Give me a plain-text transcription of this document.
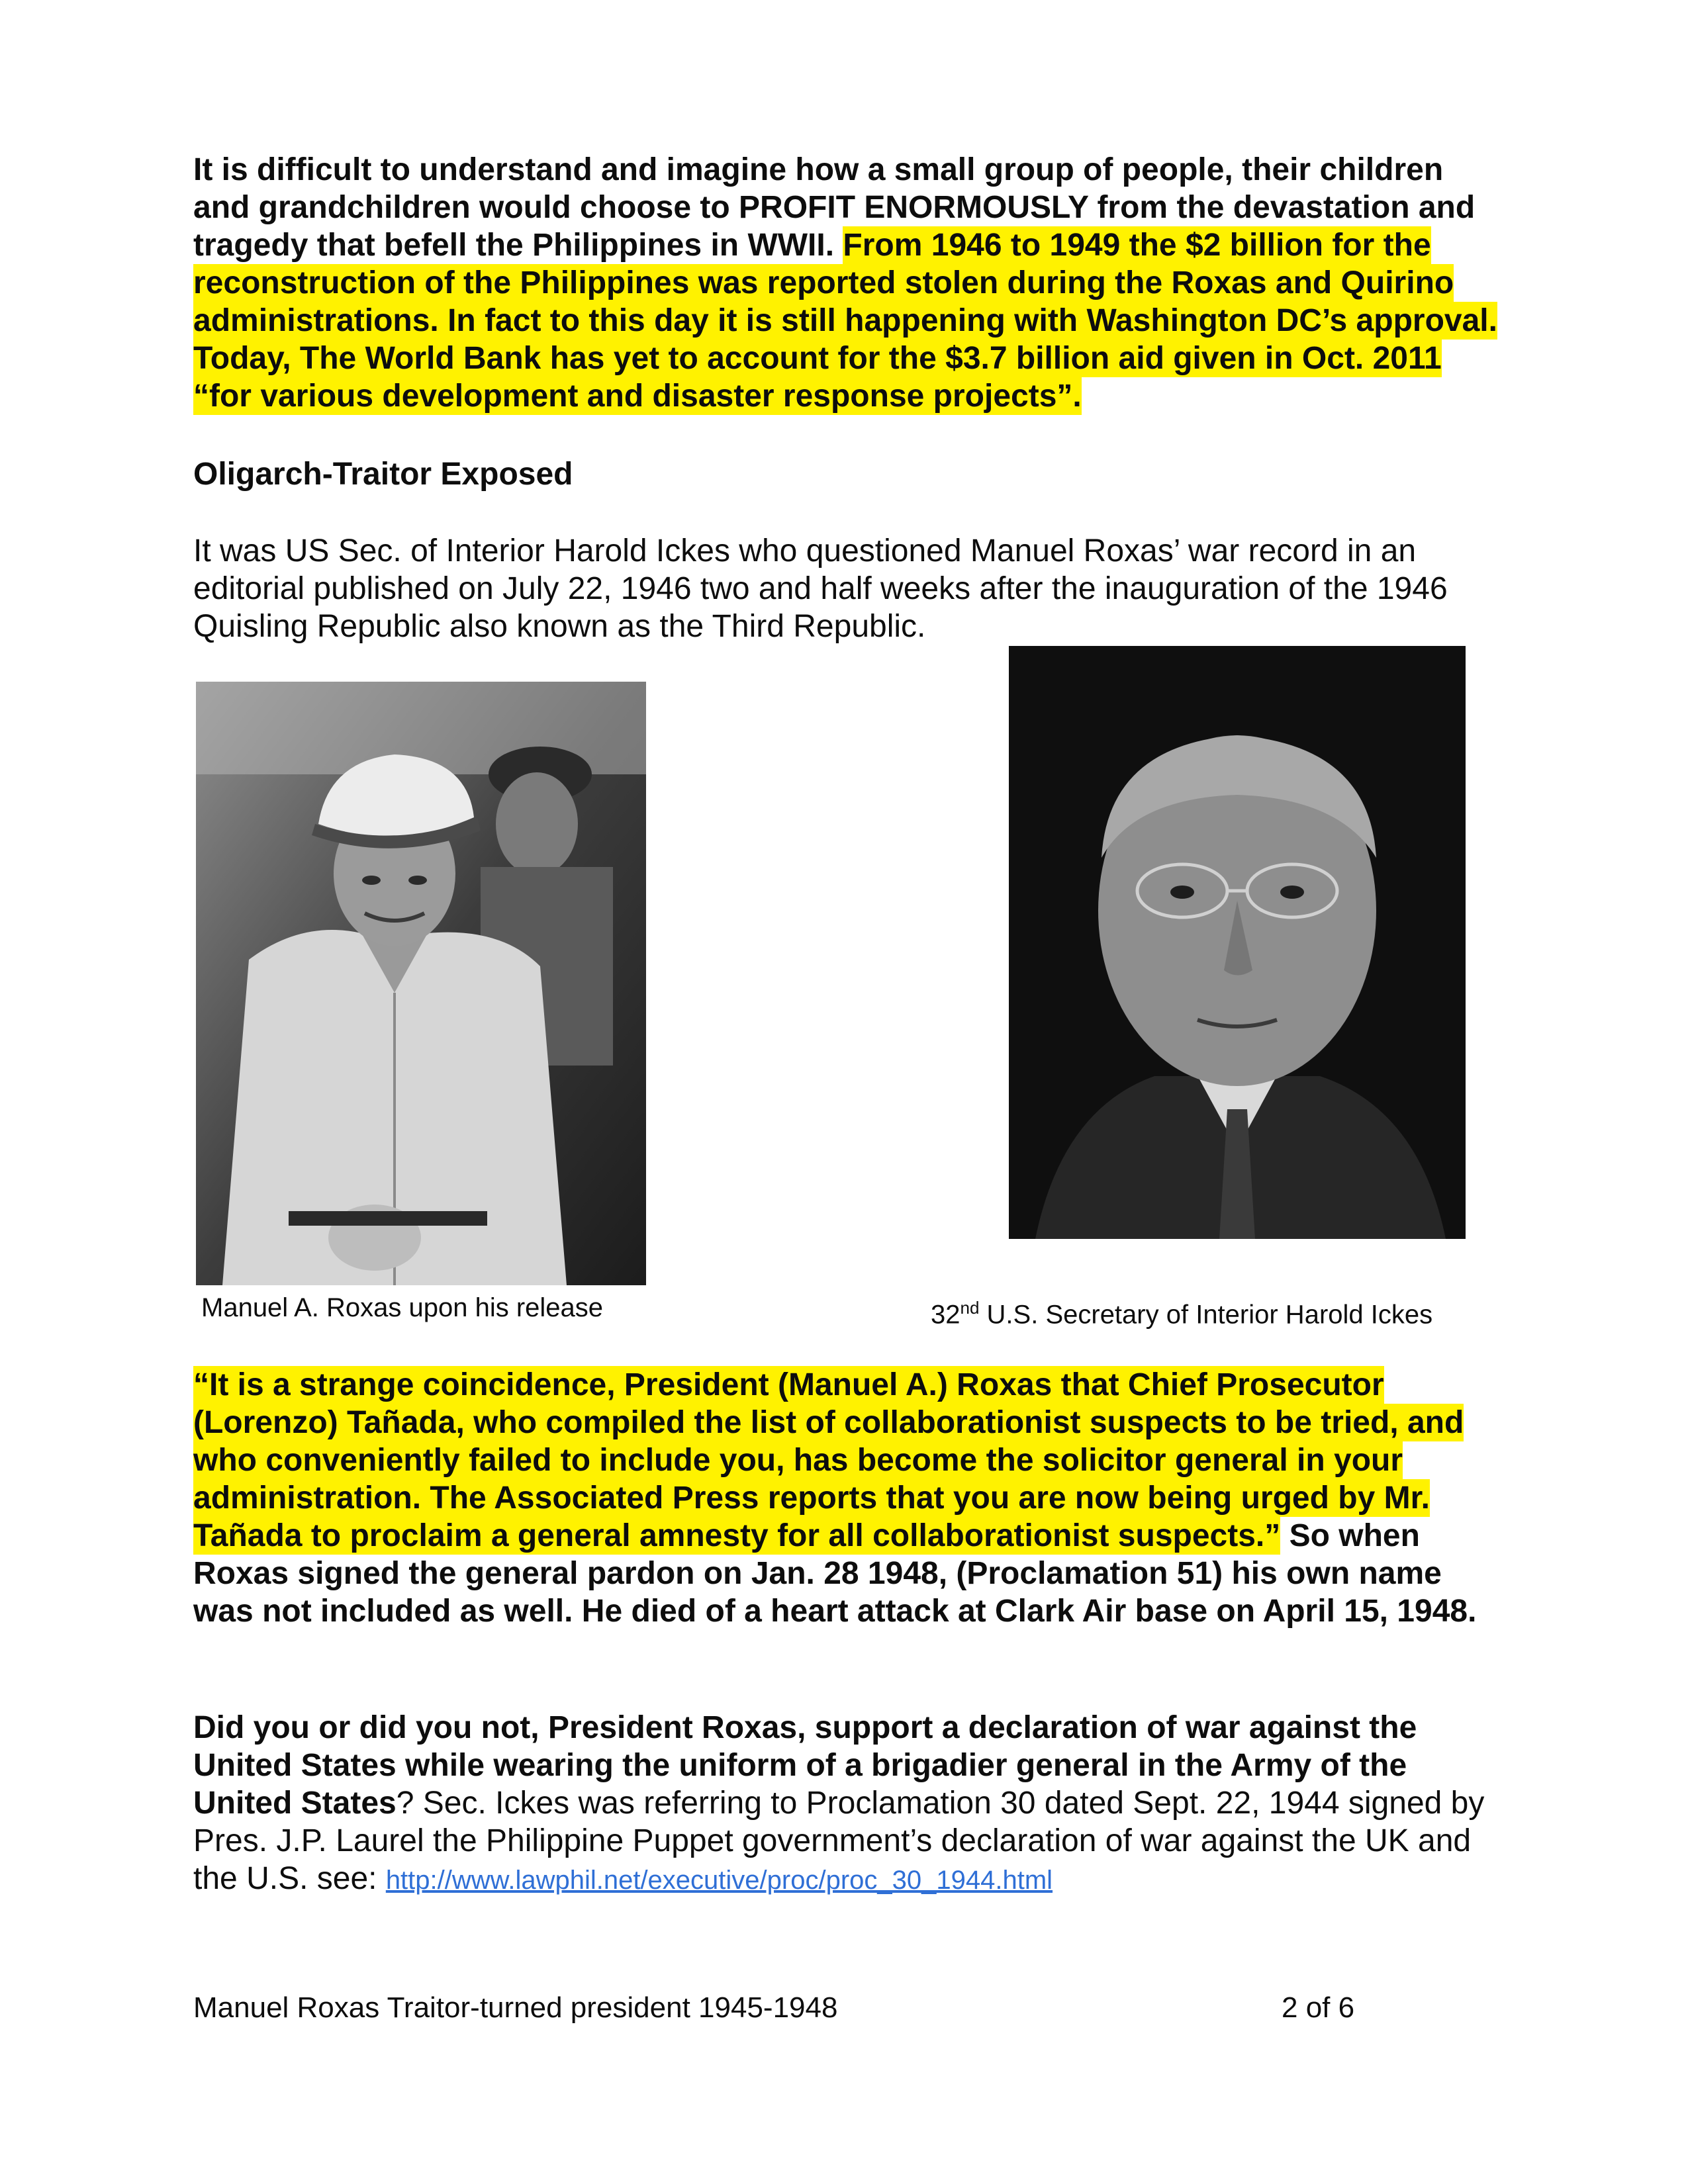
It is difficult to understand and imagine how a small group of people, their children and grandchildren would choose to PROFIT ENORMOUSLY from the devastation and tragedy that befell the Philippines in WWII. From 1946 to 1949 the $2 billion for the reconstruction of the Philippines was reported stolen during the Roxas and Quirino administrations. In fact to this day it is still happening with Washington DC’s approval. Today, The World Bank has yet to account for the $3.7 billion aid given in Oct. 2011 “for various development and disaster response projects”.

Oligarch-Traitor Exposed

It was US Sec. of Interior Harold Ickes who questioned Manuel Roxas’ war record in an editorial published on July 22, 1946 two and half weeks after the inauguration of the 1946 Quisling Republic also known as the Third Republic.

Manuel A. Roxas upon his release	32nd U.S. Secretary of Interior Harold Ickes

“It is a strange coincidence, President (Manuel A.) Roxas that Chief Prosecutor (Lorenzo) Tañada, who compiled the list of collaborationist suspects to be tried, and who conveniently failed to include you, has become the solicitor general in your administration. The Associated Press reports that you are now being urged by Mr. Tañada to proclaim a general amnesty for all collaborationist suspects.” So when Roxas signed the general pardon on Jan. 28 1948, (Proclamation 51) his own name was not included as well. He died of a heart attack at Clark Air base on April 15, 1948.

Did you or did you not, President Roxas, support a declaration of war against the United States while wearing the uniform of a brigadier general in the Army of the United States? Sec. Ickes was referring to Proclamation 30 dated Sept. 22, 1944 signed by Pres. J.P. Laurel the Philippine Puppet government’s declaration of war against the UK and the U.S. see: http://www.lawphil.net/executive/proc/proc_30_1944.html

Manuel Roxas Traitor-turned president 1945-1948	2 of 6
